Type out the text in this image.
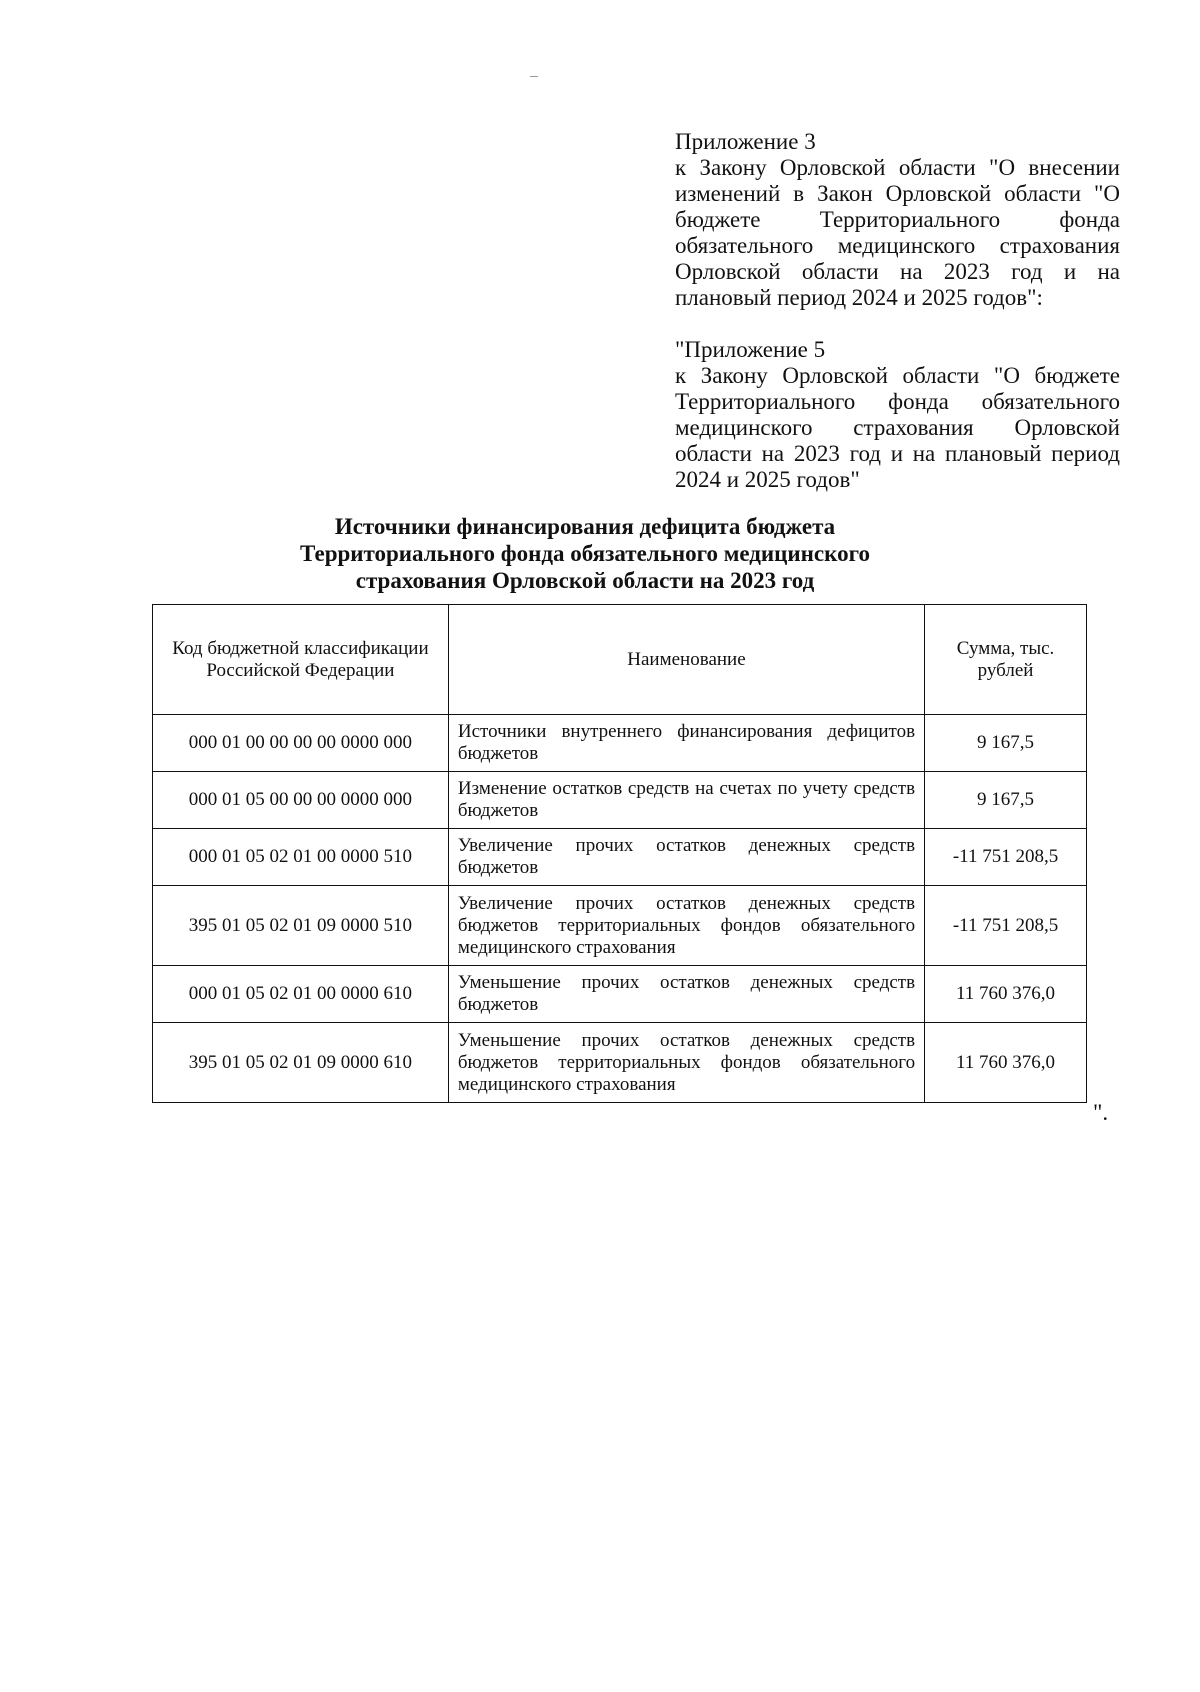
Приложение 3

к Закону Орловской области "О внесении изменений в Закон Орловской области "О бюджете Территориального фонда обязательного медицинского страхования Орловской области на 2023 год и на плановый период 2024 и 2025 годов":

"Приложение 5

к Закону Орловской области "О бюджете Территориального фонда обязательного медицинского страхования Орловской области на 2023 год и на плановый период 2024 и 2025 годов"

Источники финансирования дефицита бюджета
Территориального фонда обязательного медицинского
страхования Орловской области на 2023 год
Код бюджетной классификации Российской Федерации	Наименование	Сумма, тыс. рублей
000 01 00 00 00 00 0000 000	Источники внутреннего финансирования дефицитов бюджетов	9 167,5
000 01 05 00 00 00 0000 000	Изменение остатков средств на счетах по учету средств бюджетов	9 167,5
000 01 05 02 01 00 0000 510	Увеличение прочих остатков денежных средств бюджетов	-11 751 208,5
395 01 05 02 01 09 0000 510	Увеличение прочих остатков денежных средств бюджетов территориальных фондов обязательного медицинского страхования	-11 751 208,5
000 01 05 02 01 00 0000 610	Уменьшение прочих остатков денежных средств бюджетов	11 760 376,0
395 01 05 02 01 09 0000 610	Уменьшение прочих остатков денежных средств бюджетов территориальных фондов обязательного медицинского страхования	11 760 376,0
".
